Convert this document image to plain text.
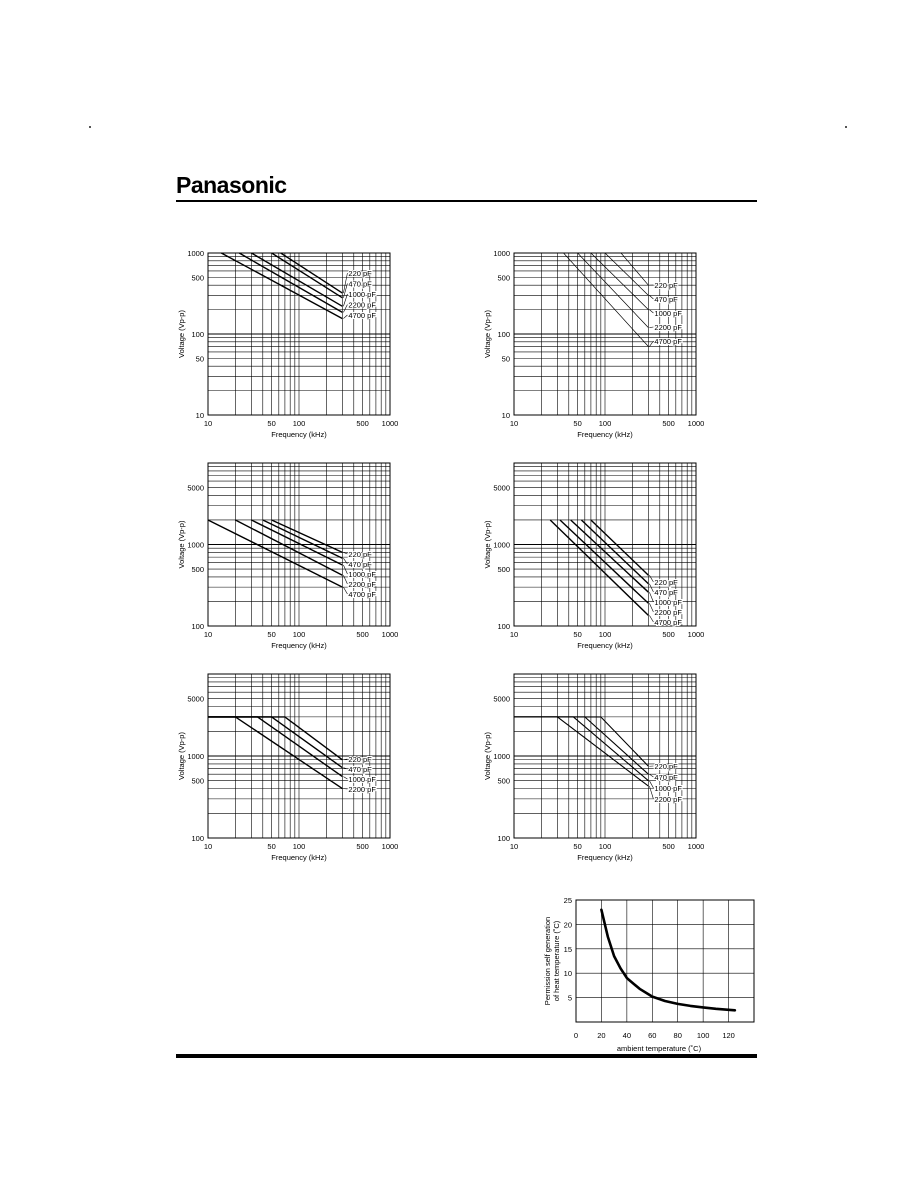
Panasonic
10	50 100	500 1000
10
50
100
500
1000
Frequency (kHz)
Voltage (Vp-p)
220 pF
470 pF
1000 pF
2200 pF
4700 pF
10	50 100	500 1000
10
50
100
500
1000
Frequency (kHz)
Voltage (Vp-p)
220 pF
470 pF
1000 pF
2200 pF
4700 pF
10	50 100	500 1000
100
500
1000
5000
Frequency (kHz)
Voltage (Vp-p)	220 pF
470 pF
1000 pF
2200 pF
4700 pF
10	50 100	500 1000
100
500
1000
5000
Frequency (kHz)
Voltage (Vp-p)
220 pF
470 pF
1000 pF
2200 pF
4700 pF
10	50 100	500 1000
100
500
1000
5000
Frequency (kHz)
Voltage (Vp-p)	220 pF
470 pF
1000 pF
2200 pF
10	50 100	500 1000
100
500
1000
5000
Frequency (kHz)
Voltage (Vp-p)	220 pF
470 pF
1000 pF
2200 pF
0	20 40 60 80 100 120
5
10
15
20
25
ambient temperature (˚C)
Permission self generation of heat temperature (˚C)
